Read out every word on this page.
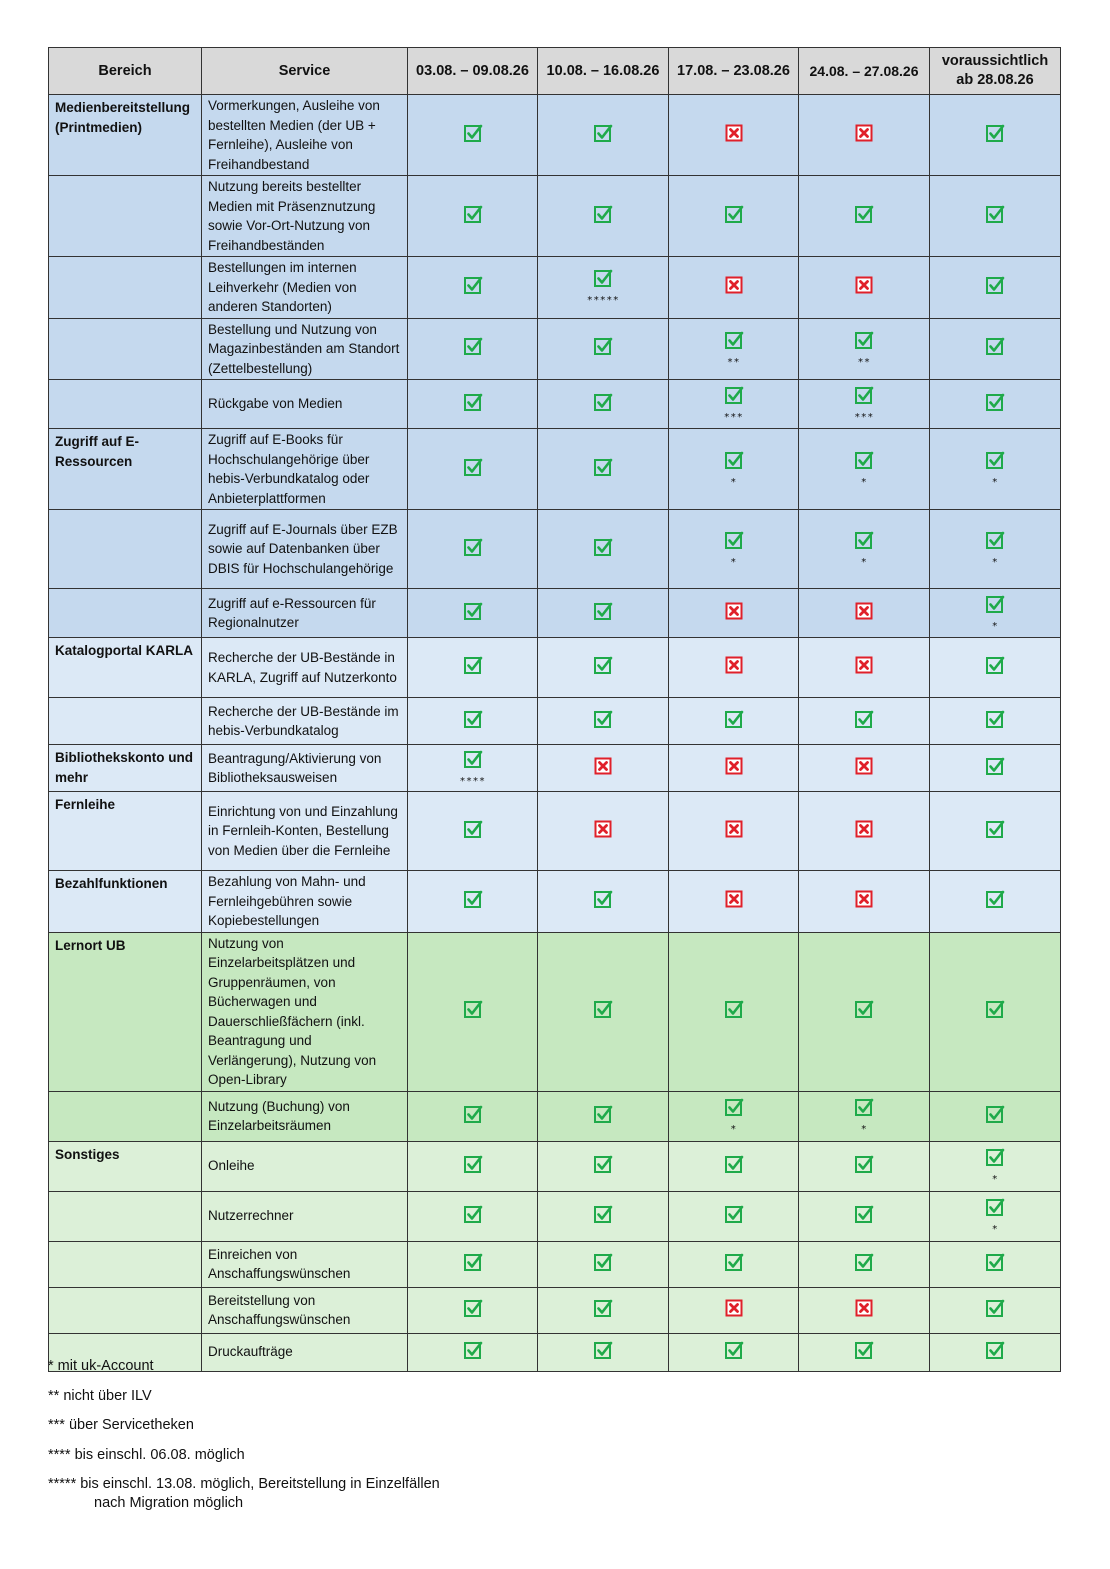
Bereich	Service	03.08. – 09.08.26	10.08. – 16.08.26	17.08. – 23.08.26	24.08. – 27.08.26	voraussichtlich ab 28.08.26
Medienbereitstellung (Printmedien)	Vormerkungen, Ausleihe von bestellten Medien (der UB + Fernleihe), Ausleihe von Freihandbestand					
	Nutzung bereits bestellter Medien mit Präsenznutzung sowie Vor-Ort-Nutzung von Freihandbeständen					
	Bestellungen im internen Leihverkehr (Medien von anderen Standorten)		*****

	Bestellung und Nutzung von Magazinbeständen am Standort (Zettelbestellung)			**	**

	Rückgabe von Medien			***	***

Zugriff auf E-Ressourcen	Zugriff auf E-Books für Hochschulangehörige über hebis-Verbundkatalog oder Anbieterplattformen			*	*	*

	Zugriff auf E-Journals über EZB sowie auf Datenbanken über DBIS für Hochschulangehörige			*	*	*

	Zugriff auf e-Ressourcen für Regionalnutzer					*

Katalogportal KARLA	Recherche der UB-Bestände in KARLA, Zugriff auf Nutzerkonto					
	Recherche der UB-Bestände im hebis-Verbundkatalog					
Bibliothekskonto und mehr	Beantragung/Aktivierung von Bibliotheksausweisen	****

Fernleihe	Einrichtung von und Einzahlung in Fernleih-Konten, Bestellung von Medien über die Fernleihe					
Bezahlfunktionen	Bezahlung von Mahn- und Fernleihgebühren sowie Kopiebestellungen					
Lernort UB	Nutzung von Einzelarbeitsplätzen und Gruppenräumen, von Bücherwagen und Dauerschließfächern (inkl. Beantragung und Verlängerung), Nutzung von Open-Library					
	Nutzung (Buchung) von Einzelarbeitsräumen			*	*

Sonstiges	Onleihe					*

	Nutzerrechner					*

	Einreichen von Anschaffungswünschen					
	Bereitstellung von Anschaffungswünschen					
	Druckaufträge					
* mit uk-Account
** nicht über ILV
*** über Servicetheken
**** bis einschl. 06.08. möglich
***** bis einschl. 13.08. möglich, Bereitstellung in Einzelfällen
nach Migration möglich
